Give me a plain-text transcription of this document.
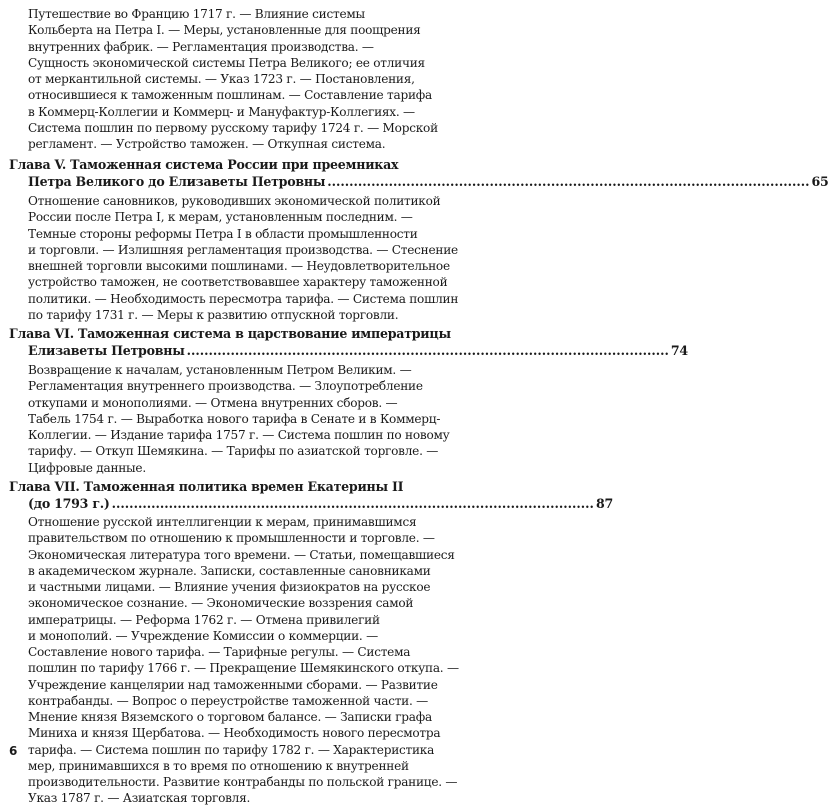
Путешествие во Францию 1717 г. — Влияние системы

Кольберта на Петра I. — Меры, установленные для поощрения

внутренних фабрик. — Регламентация производства. —

Сущность экономической системы Петра Великого; ее отличия

от меркантильной системы. — Указ 1723 г. — Постановления,

относившиеся к таможенным пошлинам. — Составление тарифа

в Коммерц-Коллегии и Коммерц- и Мануфактур-Коллегиях. —

Система пошлин по первому русскому тарифу 1724 г. — Морской

регламент. — Устройство таможен. — Откупная система.

Глава V. Таможенная система России при преемниках
Петра Великого до Елизаветы Петровны .............................................................................................................. 65

Отношение сановников, руководивших экономической политикой

России после Петра I, к мерам, установленным последним. —

Темные стороны реформы Петра I в области промышленности

и торговли. — Излишняя регламентация производства. — Стеснение

внешней торговли высокими пошлинами. — Неудовлетворительное

устройство таможен, не соответствовавшее характеру таможенной

политики. — Необходимость пересмотра тарифа. — Система пошлин

по тарифу 1731 г. — Меры к развитию отпускной торговли.

Глава VI. Таможенная система в царствование императрицы
Елизаветы Петровны .............................................................................................................. 74

Возвращение к началам, установленным Петром Великим. —

Регламентация внутреннего производства. — Злоупотребление

откупами и монополиями. — Отмена внутренних сборов. —

Табель 1754 г. — Выработка нового тарифа в Сенате и в Коммерц-

Коллегии. — Издание тарифа 1757 г. — Система пошлин по новому

тарифу. — Откуп Шемякина. — Тарифы по азиатской торговле. —

Цифровые данные.

Глава VII. Таможенная политика времен Екатерины II
(до 1793 г.) .............................................................................................................. 87

Отношение русской интеллигенции к мерам, принимавшимся

правительством по отношению к промышленности и торговле. —

Экономическая литература того времени. — Статьи, помещавшиеся

в академическом журнале. Записки, составленные сановниками

и частными лицами. — Влияние учения физиократов на русское

экономическое сознание. — Экономические воззрения самой

императрицы. — Реформа 1762 г. — Отмена привилегий

и монополий. — Учреждение Комиссии о коммерции. —

Составление нового тарифа. — Тарифные регулы. — Система

пошлин по тарифу 1766 г. — Прекращение Шемякинского откупа. —

Учреждение канцелярии над таможенными сборами. — Развитие

контрабанды. — Вопрос о переустройстве таможенной части. —

Мнение князя Вяземского о торговом балансе. — Записки графа

Миниха и князя Щербатова. — Необходимость нового пересмотра

тарифа. — Система пошлин по тарифу 1782 г. — Характеристика

мер, принимавшихся в то время по отношению к внутренней

производительности. Развитие контрабанды по польской границе. —

Указ 1787 г. — Азиатская торговля.

6
